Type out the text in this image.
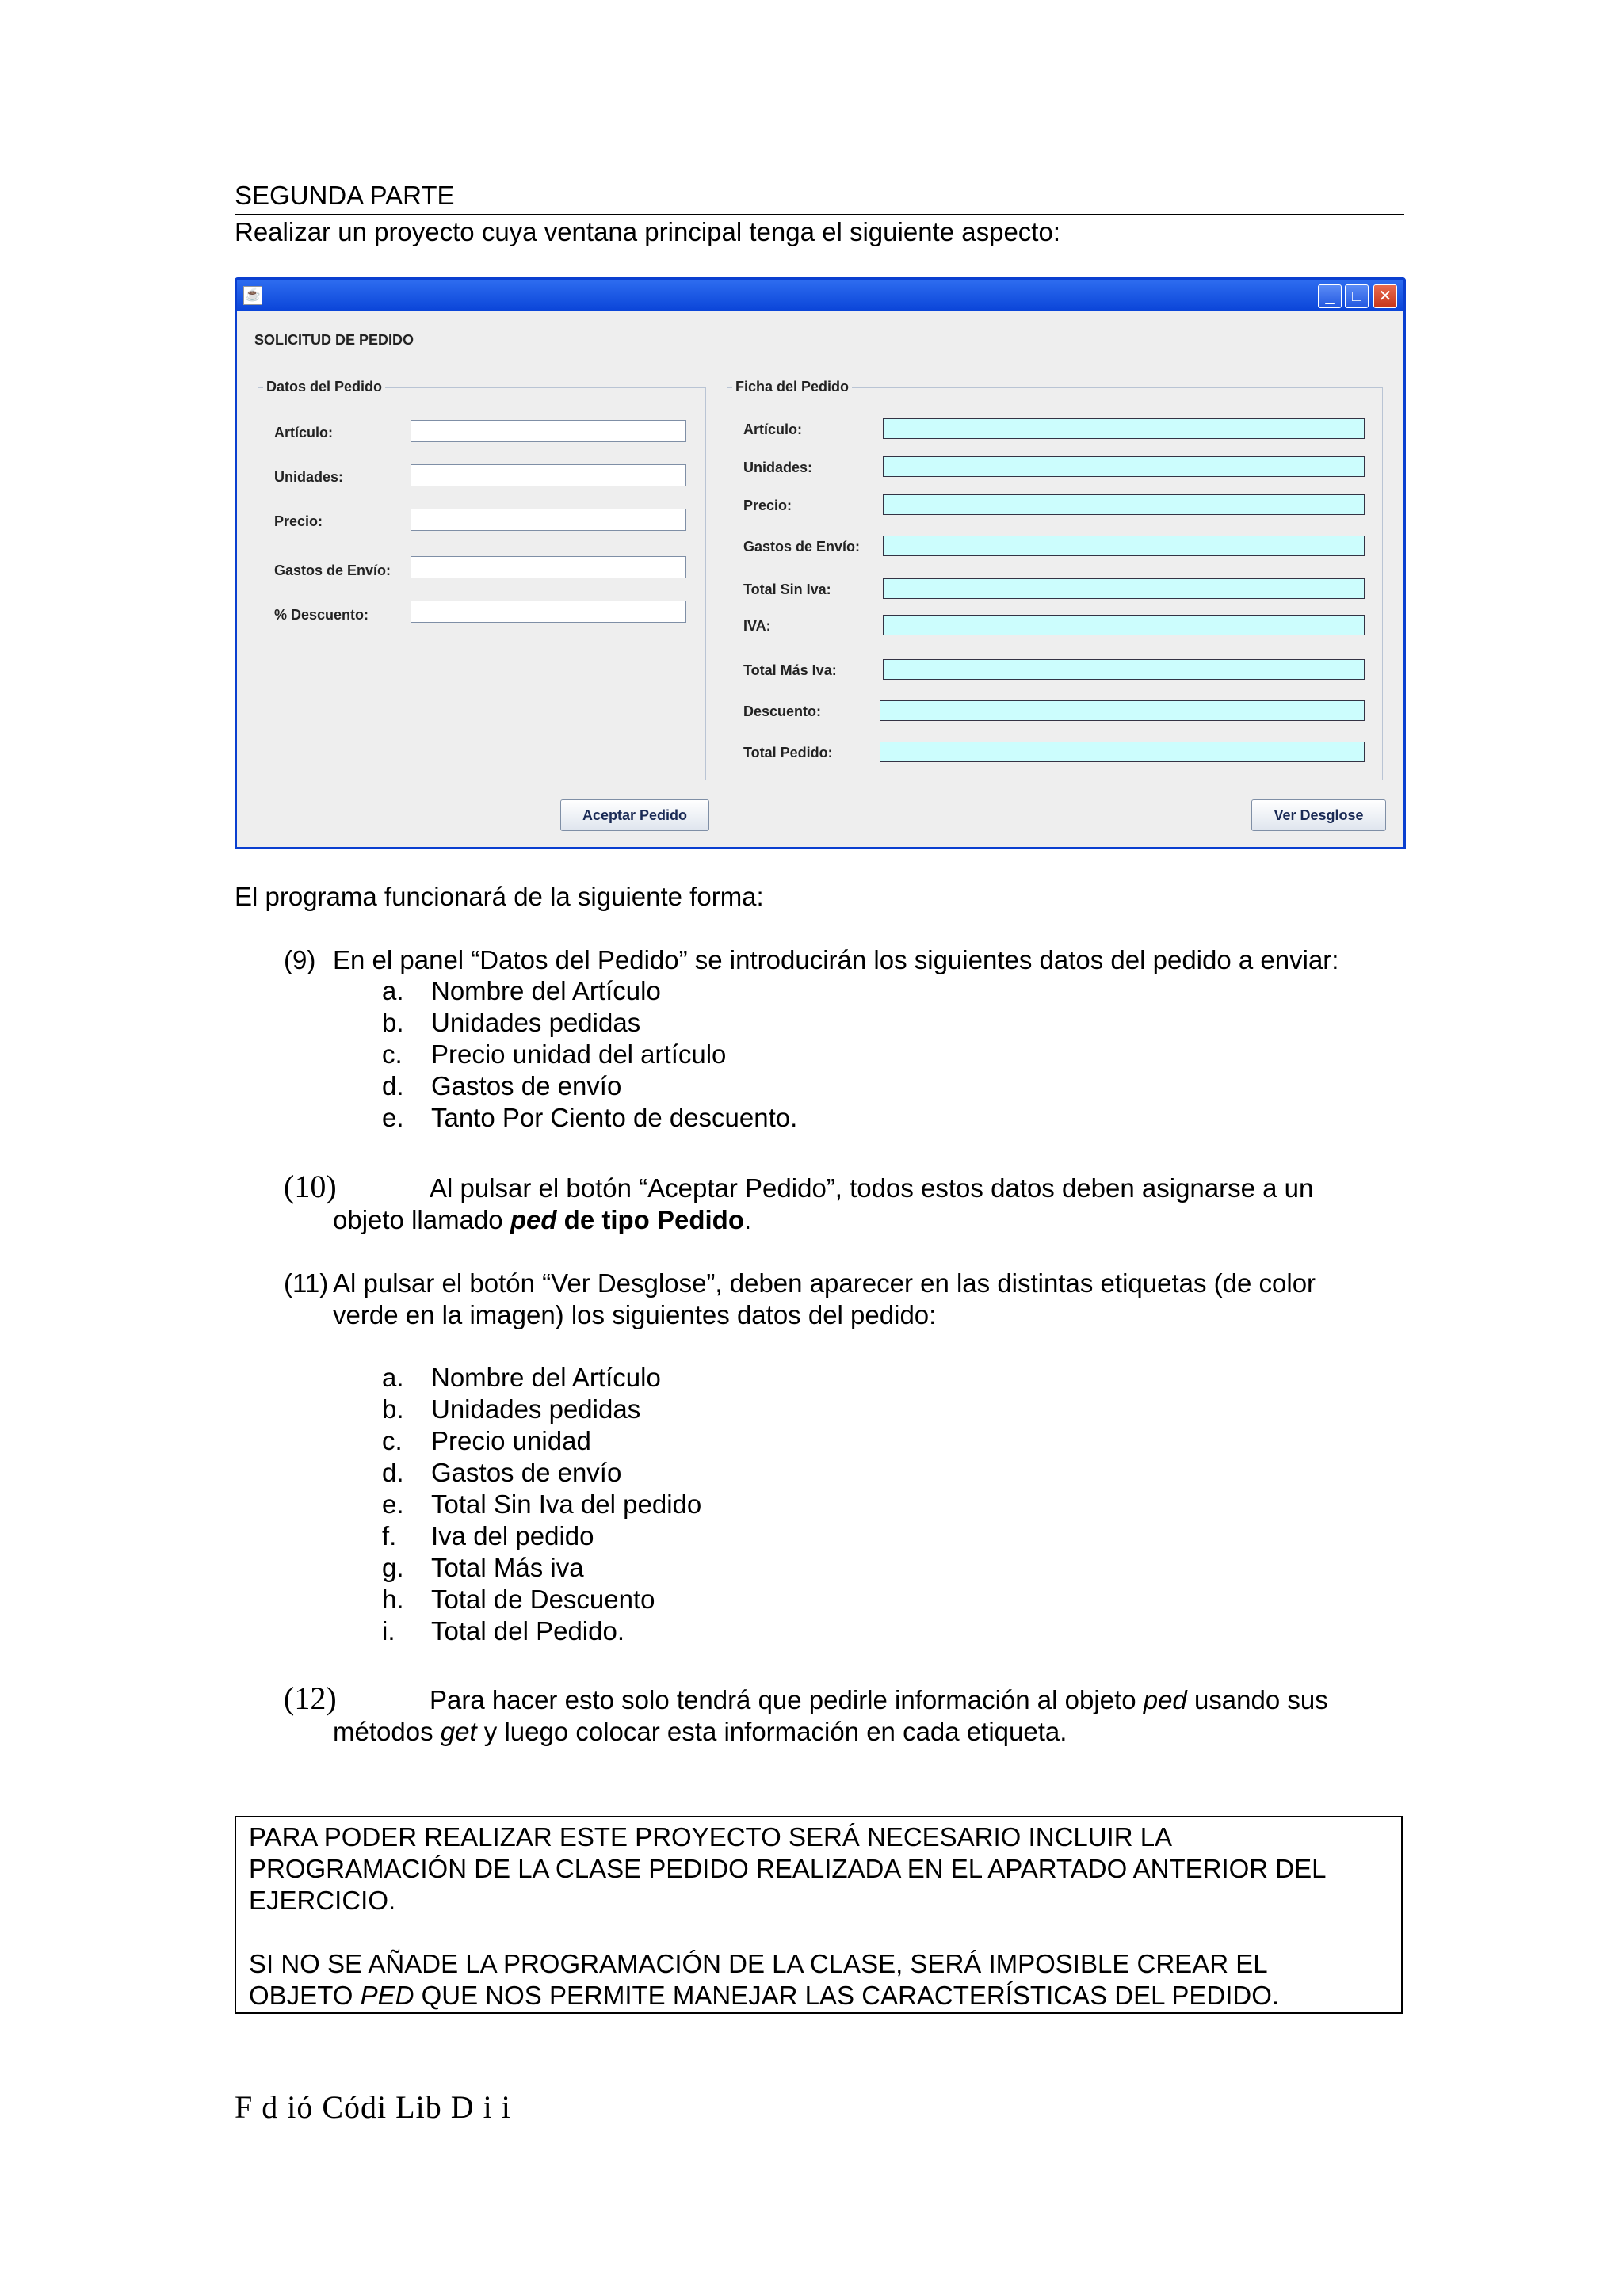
SEGUNDA PARTE
Realizar un proyecto cuya ventana principal tenga el siguiente aspecto:
☕	_	□	✕
SOLICITUD DE PEDIDO
Datos del Pedido
Artículo:
Unidades:
Precio:
Gastos de Envío:
% Descuento:
Ficha del Pedido
Artículo:
Unidades:
Precio:
Gastos de Envío:
Total Sin Iva:
IVA:
Total Más Iva:
Descuento:
Total Pedido:
Aceptar Pedido	Ver Desglose
El programa funcionará de la siguiente forma:
(9) En el panel “Datos del Pedido” se introducirán los siguientes datos del pedido a enviar:
a. Nombre del Artículo
b. Unidades pedidas
c. Precio unidad del artículo
d. Gastos de envío
e. Tanto Por Ciento de descuento.
(10)	Al pulsar el botón “Aceptar Pedido”, todos estos datos deben asignarse a un
objeto llamado ped de tipo Pedido.
(11) Al pulsar el botón “Ver Desglose”, deben aparecer en las distintas etiquetas (de color
verde en la imagen) los siguientes datos del pedido:
a. Nombre del Artículo
b. Unidades pedidas
c. Precio unidad
d. Gastos de envío
e. Total Sin Iva del pedido
f. Iva del pedido
g. Total Más iva
h. Total de Descuento
i. Total del Pedido.
(12)	Para hacer esto solo tendrá que pedirle información al objeto ped usando sus
métodos get y luego colocar esta información en cada etiqueta.
PARA PODER REALIZAR ESTE PROYECTO SERÁ NECESARIO INCLUIR LA
PROGRAMACIÓN DE LA CLASE PEDIDO REALIZADA EN EL APARTADO ANTERIOR DEL
EJERCICIO.
SI NO SE AÑADE LA PROGRAMACIÓN DE LA CLASE, SERÁ IMPOSIBLE CREAR EL
OBJETO PED QUE NOS PERMITE MANEJAR LAS CARACTERÍSTICAS DEL PEDIDO.
F d ió Códi Lib D i i
